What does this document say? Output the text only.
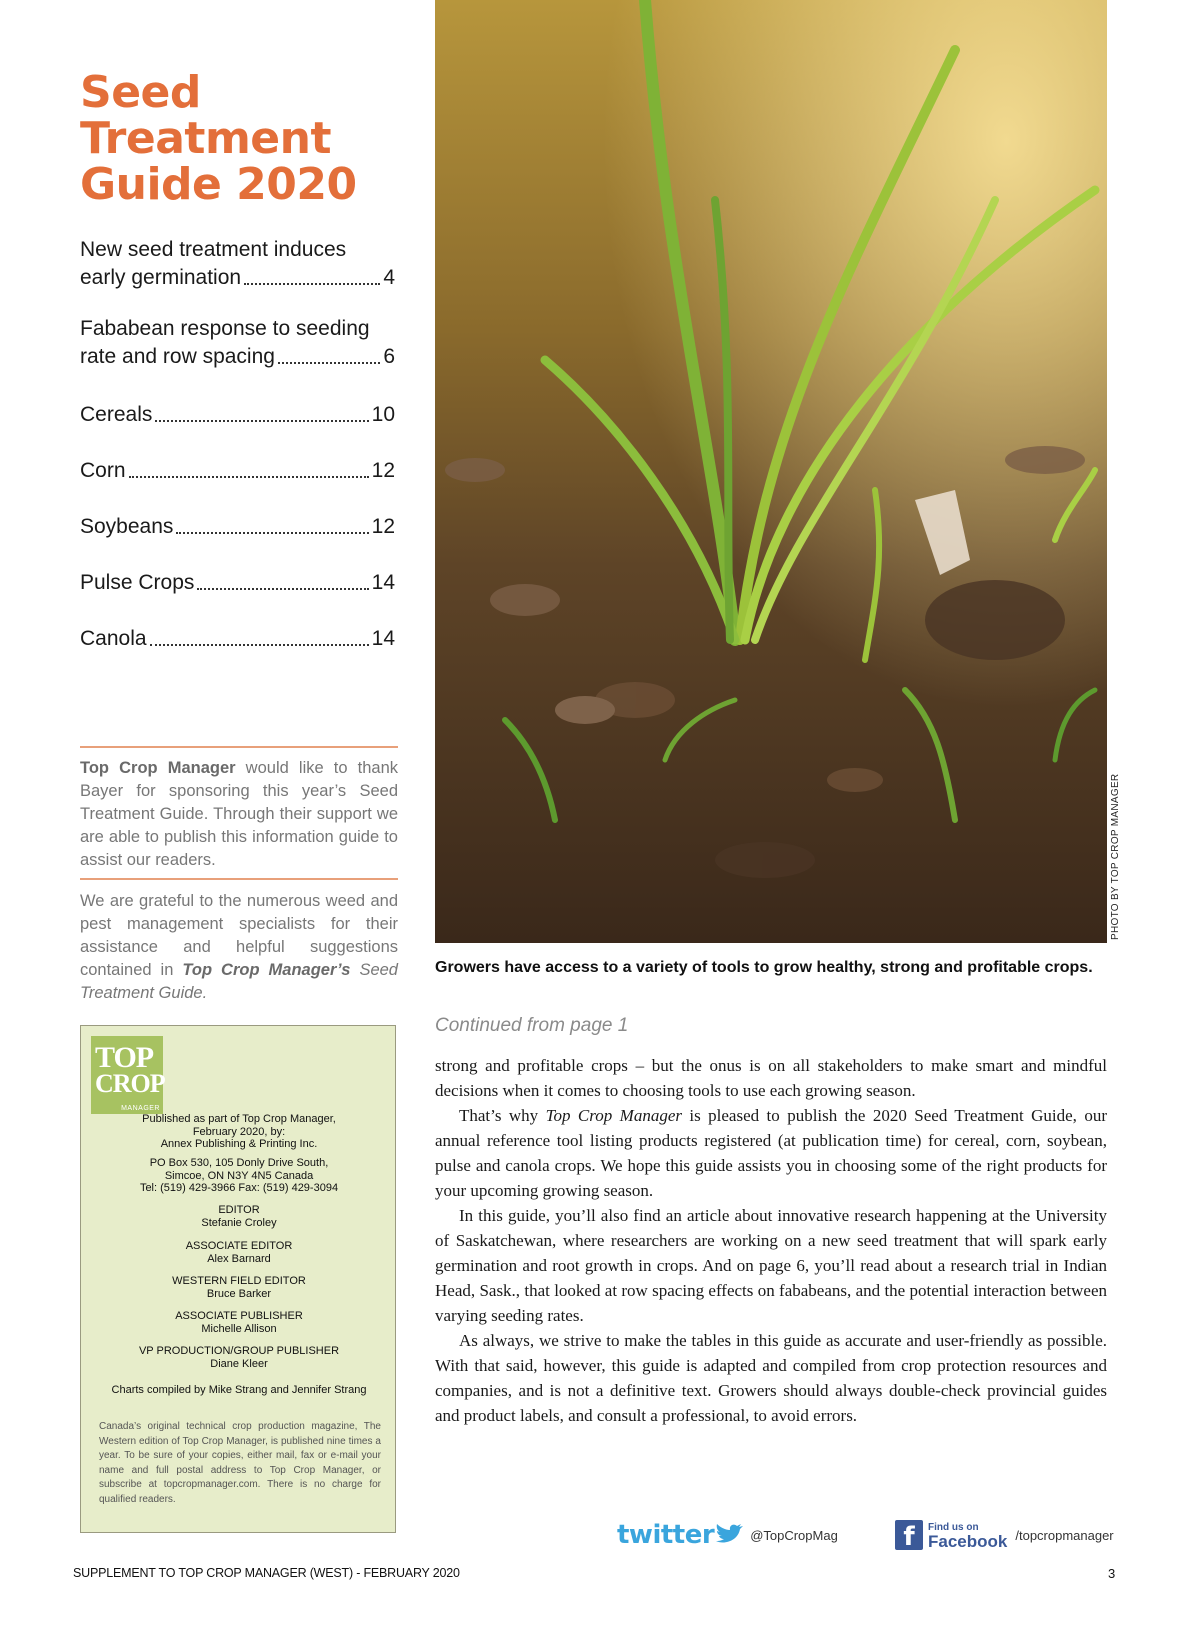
Seed
Treatment
Guide 2020
New seed treatment induces
early germination	4
Fababean response to seeding
rate and row spacing	6
Cereals	10
Corn	12
Soybeans	12
Pulse Crops	14
Canola	14
Top Crop Manager would like to thank Bayer for sponsoring this year’s Seed Treatment Guide. Through their support we are able to publish this information guide to assist our readers.
We are grateful to the numerous weed and pest management specialists for their assistance and helpful suggestions contained in Top Crop Manager’s Seed Treatment Guide.
TOP
CROP
MANAGER
Published as part of Top Crop Manager,
February 2020, by:
Annex Publishing & Printing Inc.
PO Box 530, 105 Donly Drive South,
Simcoe, ON N3Y 4N5 Canada
Tel: (519) 429-3966 Fax: (519) 429-3094
EDITOR
Stefanie Croley
ASSOCIATE EDITOR
Alex Barnard
WESTERN FIELD EDITOR
Bruce Barker
ASSOCIATE PUBLISHER
Michelle Allison
VP PRODUCTION/GROUP PUBLISHER
Diane Kleer
Charts compiled by Mike Strang and Jennifer Strang
Canada’s original technical crop production magazine, The Western edition of Top Crop Manager, is published nine times a year. To be sure of your copies, either mail, fax or e-mail your name and full postal address to Top Crop Manager, or subscribe at topcropmanager.com. There is no charge for qualified readers.
PHOTO BY TOP CROP MANAGER
Growers have access to a variety of tools to grow healthy, strong and profitable crops.
Continued from page 1

strong and profitable crops – but the onus is on all stakeholders to make smart and mindful decisions when it comes to choosing tools to use each growing season.

That’s why Top Crop Manager is pleased to publish the 2020 Seed Treatment Guide, our annual reference tool listing products registered (at publication time) for cereal, corn, soybean, pulse and canola crops. We hope this guide assists you in choosing some of the right products for your upcoming growing season.

In this guide, you’ll also find an article about innovative research happening at the University of Saskatchewan, where researchers are working on a new seed treatment that will spark early germination and root growth in crops. And on page 6, you’ll read about a research trial in Indian Head, Sask., that looked at row spacing effects on fababeans, and the potential interaction between varying seeding rates.

As always, we strive to make the tables in this guide as accurate and user-friendly as possible. With that said, however, this guide is adapted and compiled from crop protection resources and companies, and is not a definitive text. Growers should always double-check provincial guides and product labels, and consult a professional, to avoid errors.

twitter	@TopCropMag	f	Find us on
Facebook /topcropmanager
SUPPLEMENT TO TOP CROP MANAGER (WEST) - FEBRUARY 2020	3
